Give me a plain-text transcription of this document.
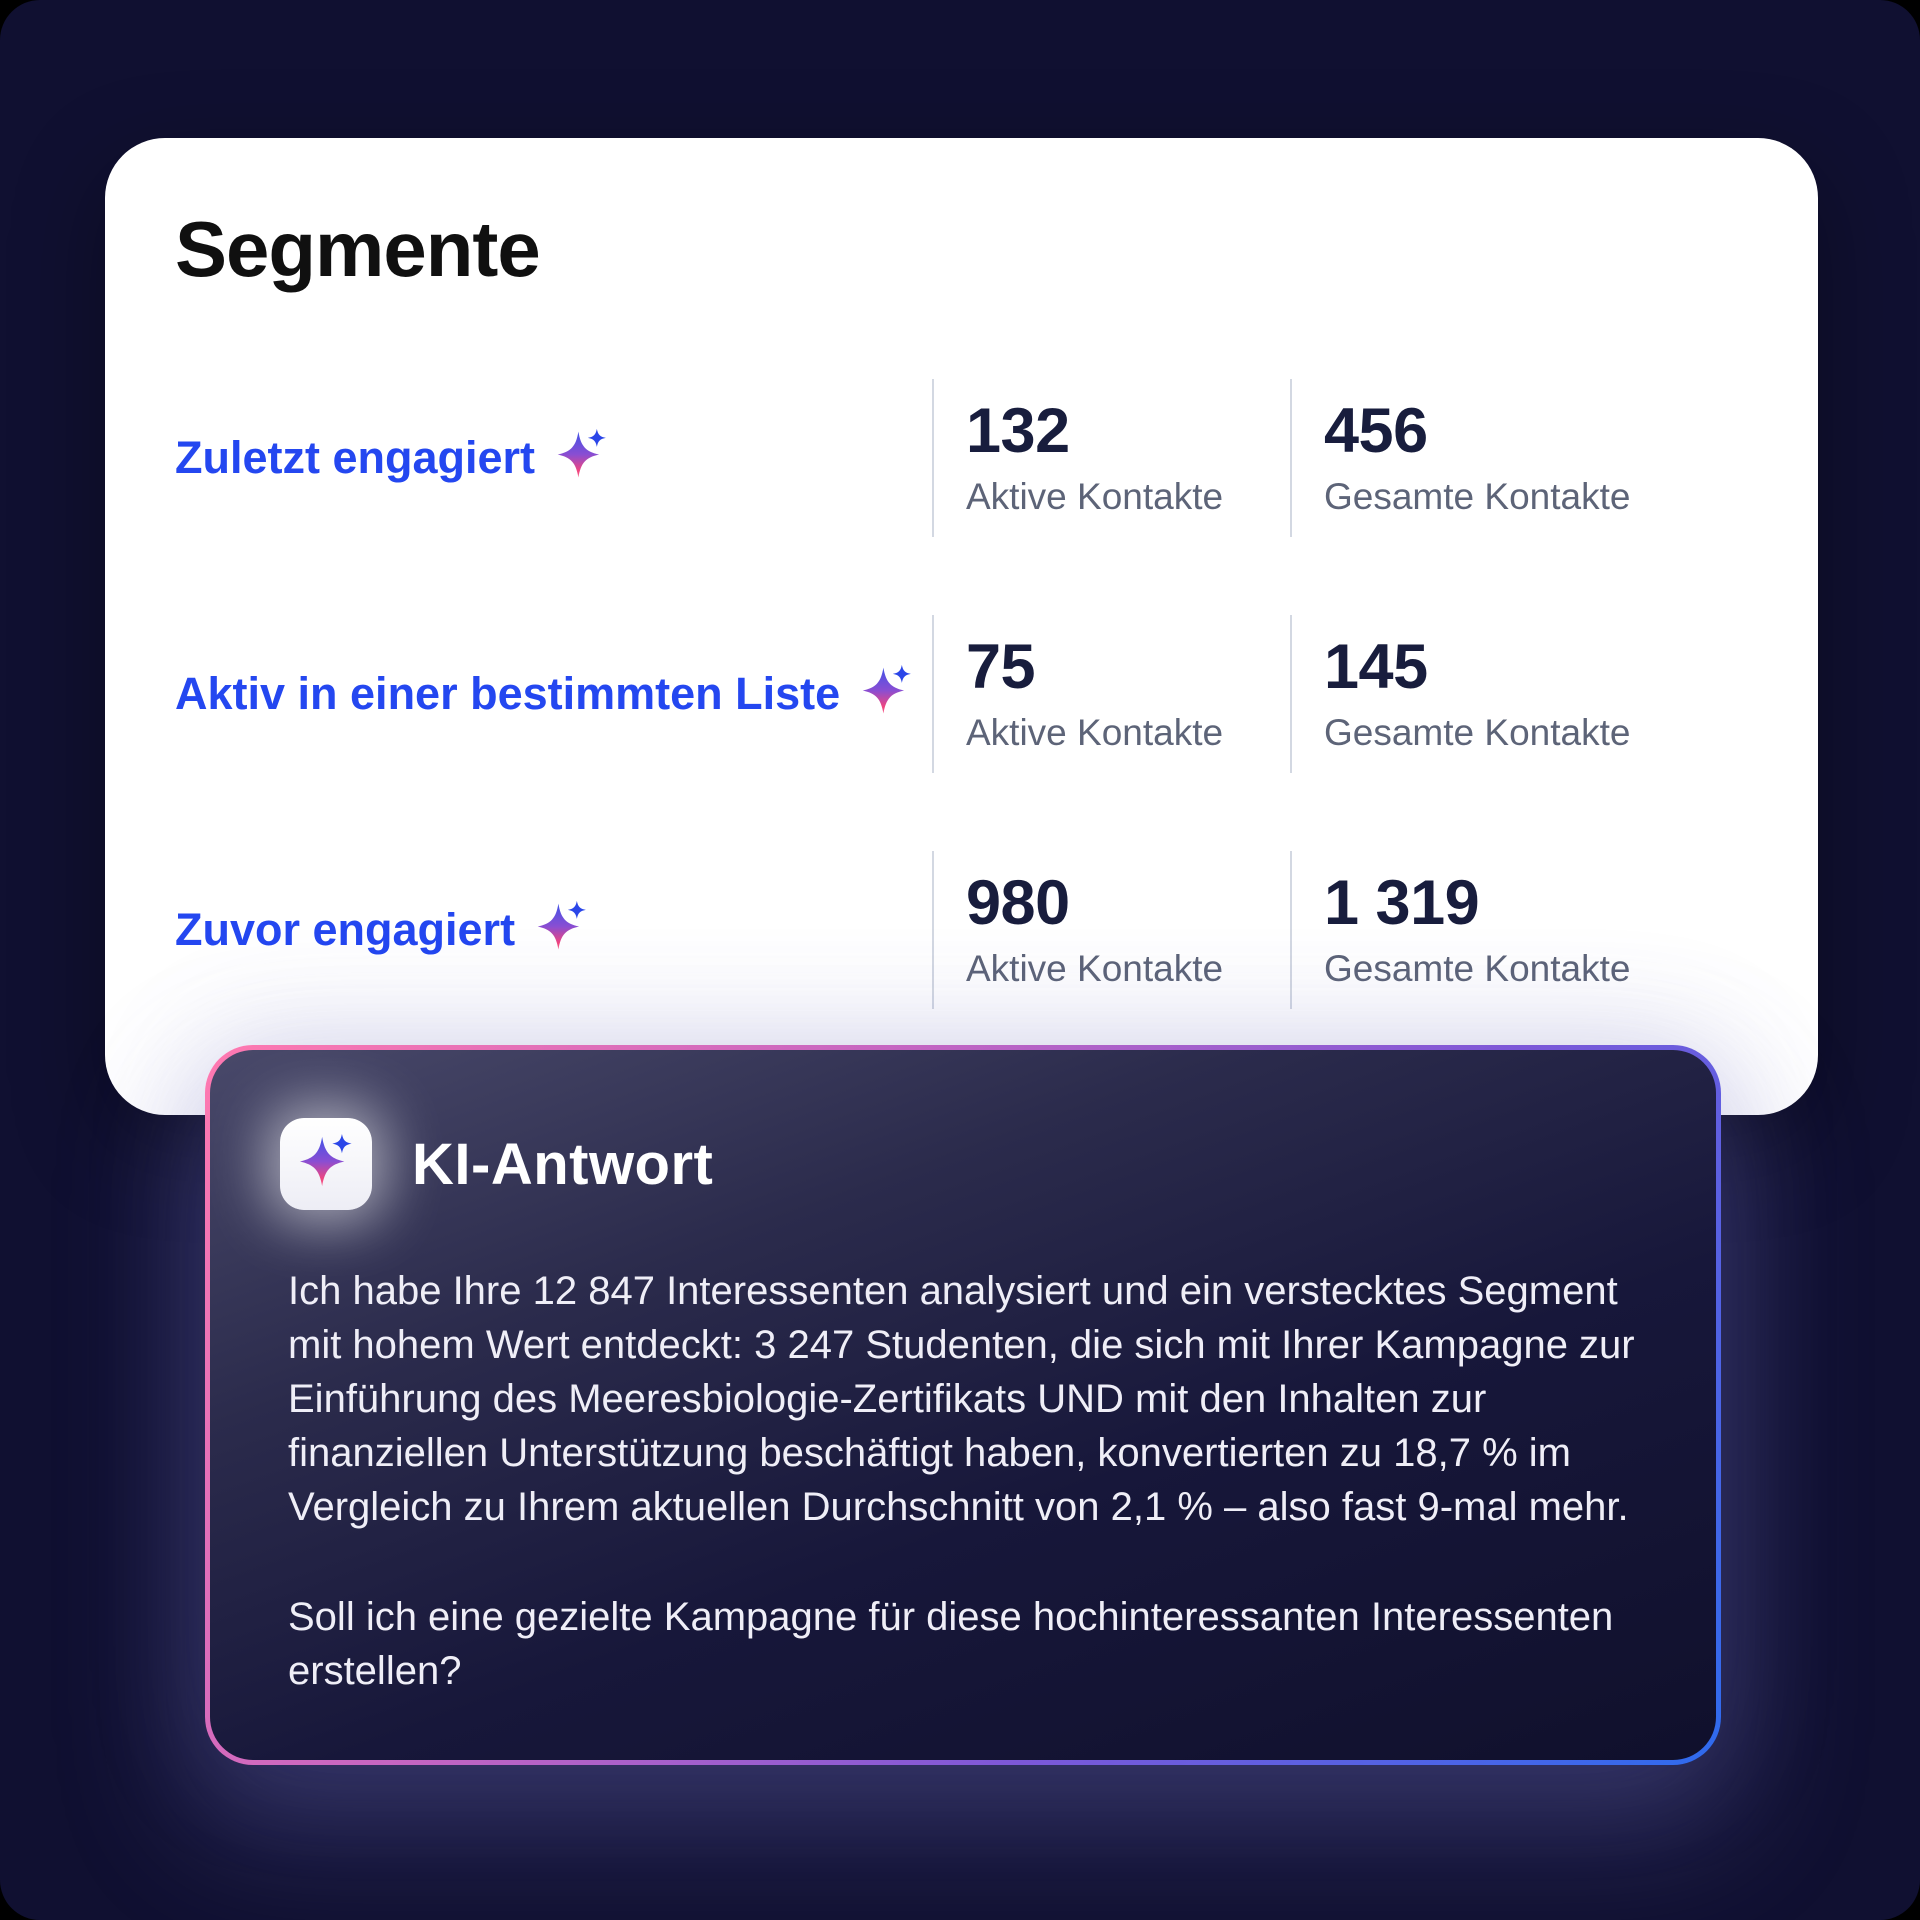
Segmente
Zuletzt engagiert	132
Aktive Kontakte
456
Gesamte Kontakte
Aktiv in einer bestimmten Liste 75
Aktive Kontakte
145
Gesamte Kontakte
Zuvor engagiert	980
Aktive Kontakte
1 319
Gesamte Kontakte
KI-Antwort

Ich habe Ihre 12 847 Interessenten analysiert und ein verstecktes Segment mit hohem Wert entdeckt: 3 247 Studenten, die sich mit Ihrer Kampagne zur Einführung des Meeresbiologie-Zertifikats UND mit den Inhalten zur finanziellen Unterstützung beschäftigt haben, konvertierten zu 18,7 % im Vergleich zu Ihrem aktuellen Durchschnitt von 2,1 % – also fast 9-mal mehr.

Soll ich eine gezielte Kampagne für diese hochinteressanten Interessenten erstellen?
